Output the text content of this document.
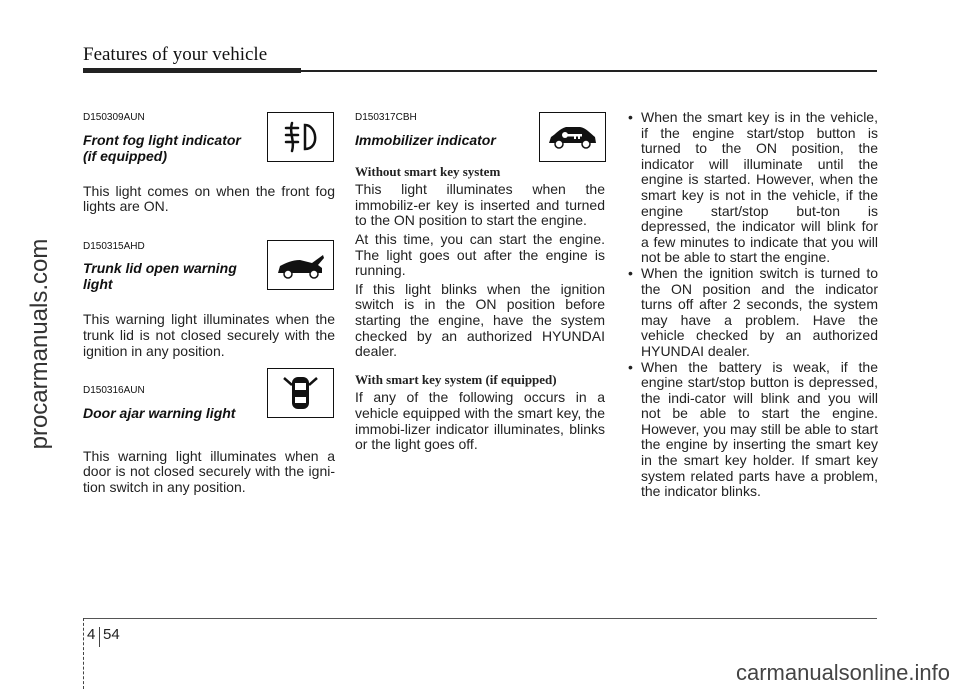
Features of your vehicle
procarmanuals.com

D150309AUN

Front fog light indicator
(if equipped)

This light comes on when the front fog lights are ON.

D150315AHD

Trunk lid open warning
light

This warning light illuminates when the trunk lid is not closed securely with the ignition in any position.

D150316AUN

Door ajar warning light

This warning light illuminates when a door is not closed securely with the igni-tion switch in any position.

D150317CBH

Immobilizer indicator

Without smart key system

This light illuminates when the immobiliz-er key is inserted and turned to the ON position to start the engine.

At this time, you can start the engine. The light goes out after the engine is running.

If this light blinks when the ignition switch is in the ON position before starting the engine, have the system checked by an authorized HYUNDAI dealer.

With smart key system (if equipped)

If any of the following occurs in a vehicle equipped with the smart key, the immobi-lizer indicator illuminates, blinks or the light goes off.

• When the smart key is in the vehicle, if the engine start/stop button is turned to the ON position, the indicator will illuminate until the engine is started. However, when the smart key is not in the vehicle, if the engine start/stop but-ton is depressed, the indicator will blink for a few minutes to indicate that you will not be able to start the engine.
• When the ignition switch is turned to the ON position and the indicator turns off after 2 seconds, the system may have a problem. Have the vehicle checked by an authorized HYUNDAI dealer.
• When the battery is weak, if the engine start/stop button is depressed, the indi-cator will blink and you will not be able to start the engine. However, you may still be able to start the engine by inserting the smart key in the smart key holder. If smart key system related parts have a problem, the indicator blinks.
4 54
carmanualsonline.info
